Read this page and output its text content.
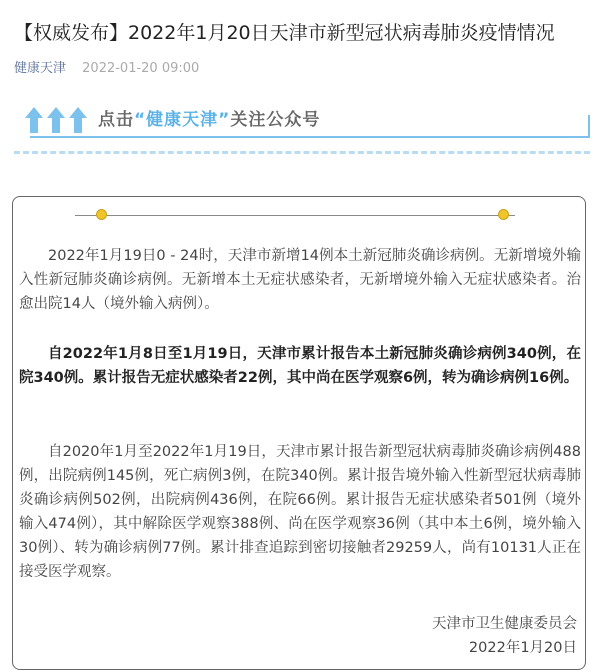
【权威发布】2022年1月20日天津市新型冠状病毒肺炎疫情情况
健康天津 2022-01-20 09:00
点击“健康天津”关注公众号

2022年1月19日0 - 24时，天津市新增14例本土新冠肺炎确诊病例。无新增境外输入性新冠肺炎确诊病例。无新增本土无症状感染者，无新增境外输入无症状感染者。治愈出院14人（境外输入病例）。

自2022年1月8日至1月19日，天津市累计报告本土新冠肺炎确诊病例340例，在院340例。累计报告无症状感染者22例，其中尚在医学观察6例，转为确诊病例16例。

自2020年1月至2022年1月19日，天津市累计报告新型冠状病毒肺炎确诊病例488例，出院病例145例，死亡病例3例，在院340例。累计报告境外输入性新型冠状病毒肺炎确诊病例502例，出院病例436例，在院66例。累计报告无症状感染者501例（境外输入474例），其中解除医学观察388例、尚在医学观察36例（其中本土6例，境外输入30例）、转为确诊病例77例。累计排查追踪到密切接触者29259人，尚有10131人正在接受医学观察。

天津市卫生健康委员会
2022年1月20日
